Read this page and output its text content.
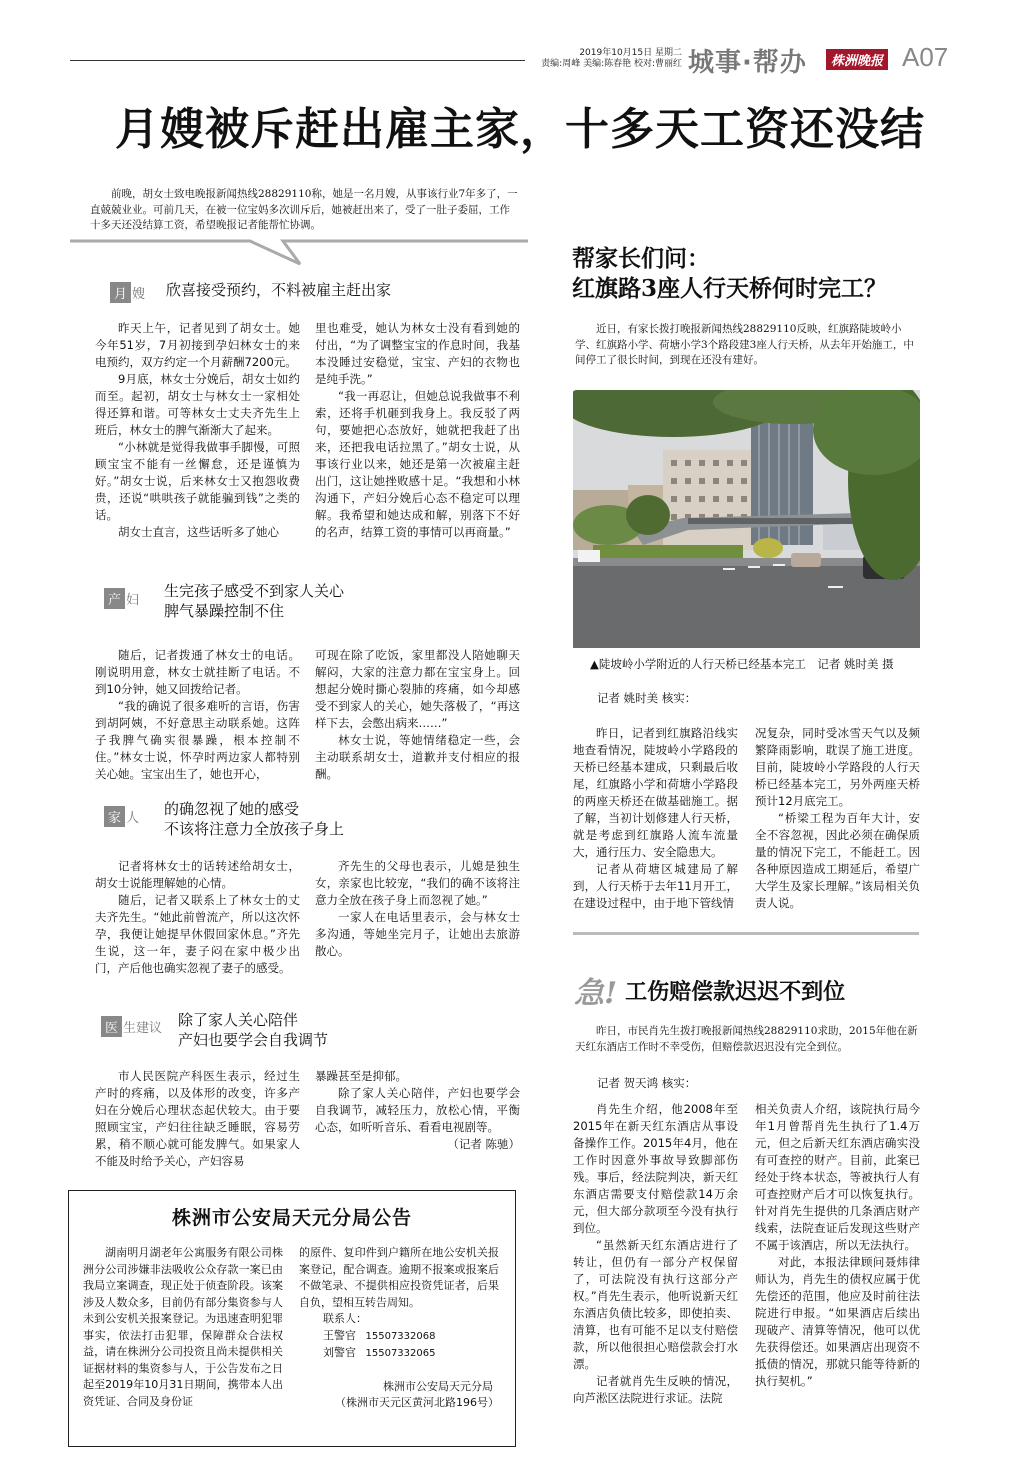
2019年10月15日 星期二
责编:周峰 美编:陈春艳 校对:曹丽红 城事·帮办	株洲晚报 A07
月嫂被斥赶出雇主家，十多天工资还没结
前晚，胡女士致电晚报新闻热线28829110称，她是一名月嫂，从事该行业7年多了，一直兢兢业业。可前几天，在被一位宝妈多次训斥后，她被赶出来了，受了一肚子委屈，工作十多天还没结算工资，希望晚报记者能帮忙协调。
月 嫂 欣喜接受预约，不料被雇主赶出家

昨天上午，记者见到了胡女士。她今年51岁，7月初接到孕妇林女士的来电预约，双方约定一个月薪酬7200元。

9月底，林女士分娩后，胡女士如约而至。起初，胡女士与林女士一家相处得还算和谐。可等林女士丈夫齐先生上班后，林女士的脾气渐渐大了起来。

“小林就是觉得我做事手脚慢，可照顾宝宝不能有一丝懈怠，还是谨慎为好。”胡女士说，后来林女士又抱怨收费贵，还说“哄哄孩子就能骗到钱”之类的话。

胡女士直言，这些话听多了她心

里也难受，她认为林女士没有看到她的付出，“为了调整宝宝的作息时间，我基本没睡过安稳觉，宝宝、产妇的衣物也是纯手洗。”

“我一再忍让，但她总说我做事不利索，还将手机砸到我身上。我反驳了两句，要她把心态放好，她就把我赶了出来，还把我电话拉黑了。”胡女士说，从事该行业以来，她还是第一次被雇主赶出门，这让她挫败感十足。“我想和小林沟通下，产妇分娩后心态不稳定可以理解。我希望和她达成和解，别落下不好的名声，结算工资的事情可以再商量。”

产 妇
生完孩子感受不到家人关心
脾气暴躁控制不住

随后，记者拨通了林女士的电话。刚说明用意，林女士就挂断了电话。不到10分钟，她又回拨给记者。

“我的确说了很多难听的言语，伤害到胡阿姨，不好意思主动联系她。这阵子我脾气确实很暴躁，根本控制不住。”林女士说，怀孕时两边家人都特别关心她。宝宝出生了，她也开心，

可现在除了吃饭，家里都没人陪她聊天解闷，大家的注意力都在宝宝身上。回想起分娩时撕心裂肺的疼痛，如今却感受不到家人的关心，她失落极了，“再这样下去，会憋出病来……”

林女士说，等她情绪稳定一些，会主动联系胡女士，道歉并支付相应的报酬。

家 人
的确忽视了她的感受
不该将注意力全放孩子身上

记者将林女士的话转述给胡女士，胡女士说能理解她的心情。

随后，记者又联系上了林女士的丈夫齐先生。“她此前曾流产，所以这次怀孕，我便让她提早休假回家休息。”齐先生说，这一年，妻子闷在家中极少出门，产后他也确实忽视了妻子的感受。

齐先生的父母也表示，儿媳是独生女，亲家也比较宠，“我们的确不该将注意力全放在孩子身上而忽视了她。”

一家人在电话里表示，会与林女士多沟通，等她坐完月子，让她出去旅游散心。

医 生建议 除了家人关心陪伴
产妇也要学会自我调节

市人民医院产科医生表示，经过生产时的疼痛，以及体形的改变，许多产妇在分娩后心理状态起伏较大。由于要照顾宝宝，产妇往往缺乏睡眠，容易劳累，稍不顺心就可能发脾气。如果家人不能及时给予关心，产妇容易

暴躁甚至是抑郁。

除了家人关心陪伴，产妇也要学会自我调节，减轻压力，放松心情，平衡心态，如听听音乐、看看电视剧等。

（记者 陈驰）
株洲市公安局天元分局公告

湖南明月湖老年公寓服务有限公司株洲分公司涉嫌非法吸收公众存款一案已由我局立案调查，现正处于侦查阶段。该案涉及人数众多，目前仍有部分集资参与人未到公安机关报案登记。为迅速查明犯罪事实，依法打击犯罪，保障群众合法权益，请在株洲分公司投资且尚未提供相关证据材料的集资参与人，于公告发布之日起至2019年10月31日期间，携带本人出资凭证、合同及身份证

的原件、复印件到户籍所在地公安机关报案登记，配合调查。逾期不报案或报案后不做笔录、不提供相应投资凭证者，后果自负，望相互转告周知。

联系人：
王警官 15507332068
刘警官 15507332065
株洲市公安局天元分局
（株洲市天元区黄河北路196号）
帮家长们问：
红旗路3座人行天桥何时完工？
近日，有家长拨打晚报新闻热线28829110反映，红旗路陡坡岭小学、红旗路小学、荷塘小学3个路段建3座人行天桥，从去年开始施工，中间停工了很长时间，到现在还没有建好。
▲陡坡岭小学附近的人行天桥已经基本完工　记者 姚时美 摄
记者 姚时美 核实：

昨日，记者到红旗路沿线实地查看情况，陡坡岭小学路段的天桥已经基本建成，只剩最后收尾，红旗路小学和荷塘小学路段的两座天桥还在做基础施工。据了解，当初计划修建人行天桥，就是考虑到红旗路人流车流量大，通行压力、安全隐患大。

记者从荷塘区城建局了解到，人行天桥于去年11月开工，在建设过程中，由于地下管线情

况复杂，同时受冰雪天气以及频繁降雨影响，耽误了施工进度。目前，陡坡岭小学路段的人行天桥已经基本完工，另外两座天桥预计12月底完工。

“桥梁工程为百年大计，安全不容忽视，因此必须在确保质量的情况下完工，不能赶工。因各种原因造成工期延后，希望广大学生及家长理解。”该局相关负责人说。

急! 工伤赔偿款迟迟不到位
昨日，市民肖先生拨打晚报新闻热线28829110求助，2015年他在新天红东酒店工作时不幸受伤，但赔偿款迟迟没有完全到位。
记者 贺天鸿 核实：

肖先生介绍，他2008年至2015年在新天红东酒店从事设备操作工作。2015年4月，他在工作时因意外事故导致脚部伤残。事后，经法院判决，新天红东酒店需要支付赔偿款14万余元，但大部分款项至今没有执行到位。

“虽然新天红东酒店进行了转让，但仍有一部分产权保留了，可法院没有执行这部分产权。”肖先生表示，他听说新天红东酒店负债比较多，即使拍卖、清算，也有可能不足以支付赔偿款，所以他很担心赔偿款会打水漂。

记者就肖先生反映的情况，向芦淞区法院进行求证。法院

相关负责人介绍，该院执行局今年1月曾帮肖先生执行了1.4万元，但之后新天红东酒店确实没有可查控的财产。目前，此案已经处于终本状态，等被执行人有可查控财产后才可以恢复执行。针对肖先生提供的几条酒店财产线索，法院查证后发现这些财产不属于该酒店，所以无法执行。

对此，本报法律顾问聂炜律师认为，肖先生的债权应属于优先偿还的范围，他应及时前往法院进行申报。“如果酒店后续出现破产、清算等情况，他可以优先获得偿还。如果酒店出现资不抵债的情况，那就只能等待新的执行契机。”
